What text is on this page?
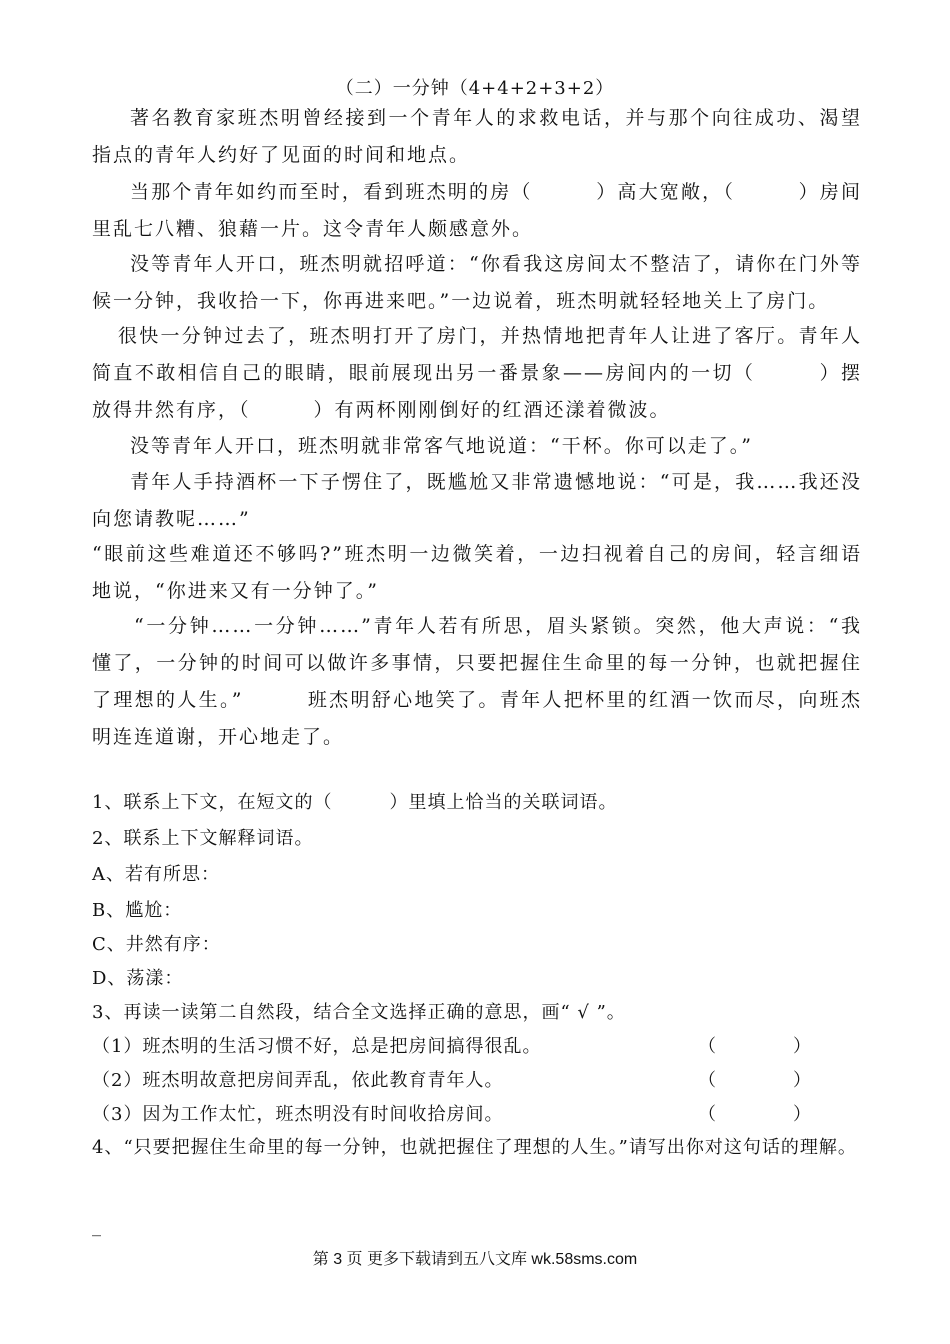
（二）一分钟（4+4+2+3+2）
著名教育家班杰明曾经接到一个青年人的求救电话，并与那个向往成功、渴望指点的青年人约好了见面的时间和地点。
当那个青年如约而至时，看到班杰明的房（　　　）高大宽敞，（　　　）房间里乱七八糟、狼藉一片。这令青年人颇感意外。
没等青年人开口，班杰明就招呼道：“你看我这房间太不整洁了，请你在门外等候一分钟，我收拾一下，你再进来吧。”一边说着，班杰明就轻轻地关上了房门。
很快一分钟过去了，班杰明打开了房门，并热情地把青年人让进了客厅。青年人简直不敢相信自己的眼睛，眼前展现出另一番景象——房间内的一切（　　　）摆放得井然有序，（　　　）有两杯刚刚倒好的红酒还漾着微波。
没等青年人开口，班杰明就非常客气地说道：“干杯。你可以走了。”
青年人手持酒杯一下子愣住了，既尴尬又非常遗憾地说：“可是，我……我还没向您请教呢……”
“眼前这些难道还不够吗?”班杰明一边微笑着，一边扫视着自己的房间，轻言细语地说，“你进来又有一分钟了。”
“一分钟……一分钟……”青年人若有所思，眉头紧锁。突然，他大声说：“我懂了，一分钟的时间可以做许多事情，只要把握住生命里的每一分钟，也就把握住了理想的人生。”　　　班杰明舒心地笑了。青年人把杯里的红酒一饮而尽，向班杰明连连道谢，开心地走了。
1、联系上下文，在短文的（　　　）里填上恰当的关联词语。
2、联系上下文解释词语。
A、若有所思：
B、尴尬：
C、井然有序：
D、荡漾：
3、再读一读第二自然段，结合全文选择正确的意思，画“ √ ”。
（1）班杰明的生活习惯不好，总是把房间搞得很乱。	（　　　　）
（2）班杰明故意把房间弄乱，依此教育青年人。	（　　　　）
（3）因为工作太忙，班杰明没有时间收拾房间。	（　　　　）
4、“只要把握住生命里的每一分钟，也就把握住了理想的人生。”请写出你对这句话的理解。
_
第 3 页 更多下载请到五八文库 wk.58sms.com
